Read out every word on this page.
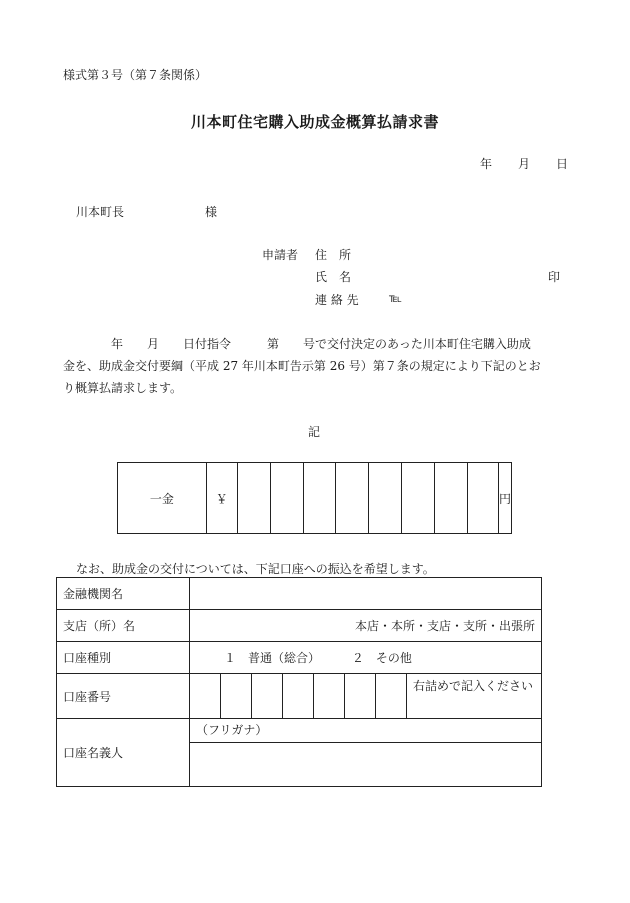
様式第３号（第７条関係）
川本町住宅購入助成金概算払請求書
年 月 日
川本町長	様
申請者 住　所
氏　名	印
連 絡 先	℡
　　　　年　　月　　日付指令　　　第　　号で交付決定のあった川本町住宅購入助成
金を、助成金交付要綱（平成 27 年川本町告示第 26 号）第７条の規定により下記のとお
り概算払請求します。
記
一金	￥	円
なお、助成金の交付については、下記口座への振込を希望します。
金融機関名	
支店（所）名	本店・本所・支店・支所・出張所
口座種別	１　普通（総合） ２　その他
口座番号	右詰めで記入ください

口座名義人	（フリガナ）
